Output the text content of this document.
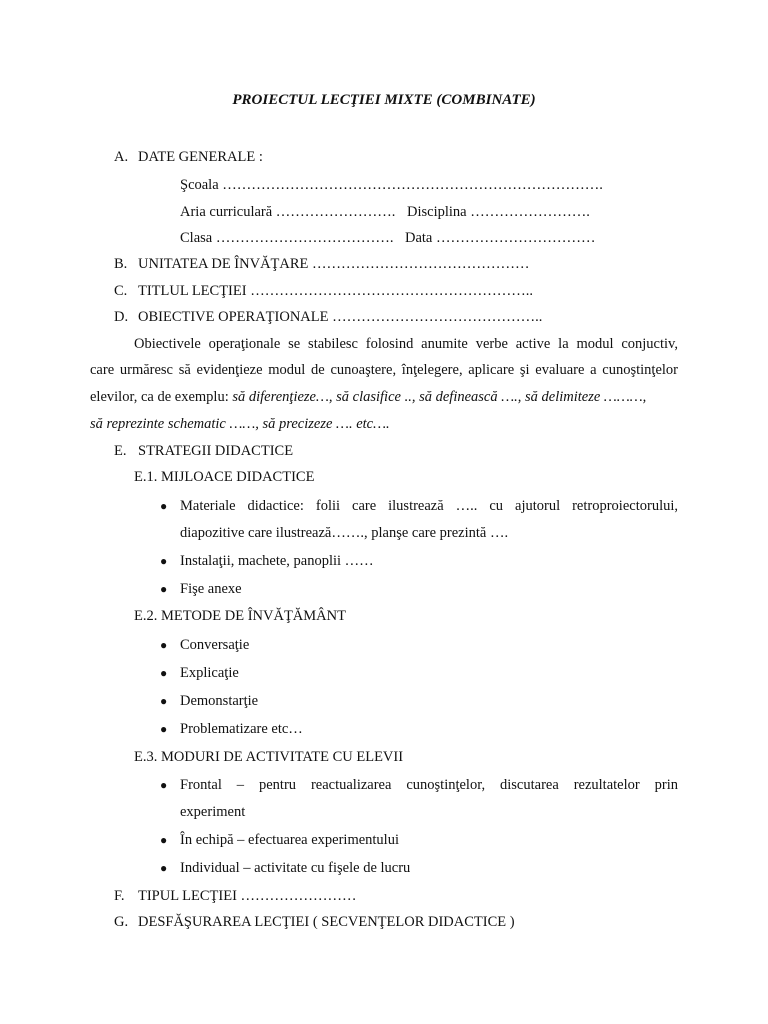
PROIECTUL LECŢIEI MIXTE (COMBINATE)
A. DATE GENERALE :
Şcoala …………………………………………………………………….
Aria curriculară ……………………. Disciplina …………………….
Clasa ………………………………. Data ……………………………
B. UNITATEA DE ÎNVĂŢARE ………………………………………
C. TITLUL LECŢIEI …………………………………………………..
D. OBIECTIVE OPERAŢIONALE ……………………………………..
Obiectivele operaţionale se stabilesc folosind anumite verbe active la modul conjuctiv,
care urmăresc să evidenţieze modul de cunoaştere, înţelegere, aplicare şi evaluare a cunoştinţelor
elevilor, ca de exemplu: să diferenţieze…, să clasifice .., să definească …., să delimiteze ………,
să reprezinte schematic ……, să precizeze …. etc….
E. STRATEGII DIDACTICE
E.1. MIJLOACE DIDACTICE
● Materiale didactice: folii care ilustrează ….. cu ajutorul retroproiectorului,
diapozitive care ilustrează……., planşe care prezintă ….
● Instalaţii, machete, panoplii ……
● Fişe anexe
E.2. METODE DE ÎNVĂŢĂMÂNT
● Conversaţie
● Explicaţie
● Demonstarţie
● Problematizare etc…
E.3. MODURI DE ACTIVITATE CU ELEVII
● Frontal – pentru reactualizarea cunoştinţelor, discutarea rezultatelor prin
experiment
● În echipă – efectuarea experimentului
● Individual – activitate cu fişele de lucru
F. TIPUL LECŢIEI ……………………
G. DESFĂŞURAREA LECŢIEI ( SECVENŢELOR DIDACTICE )
